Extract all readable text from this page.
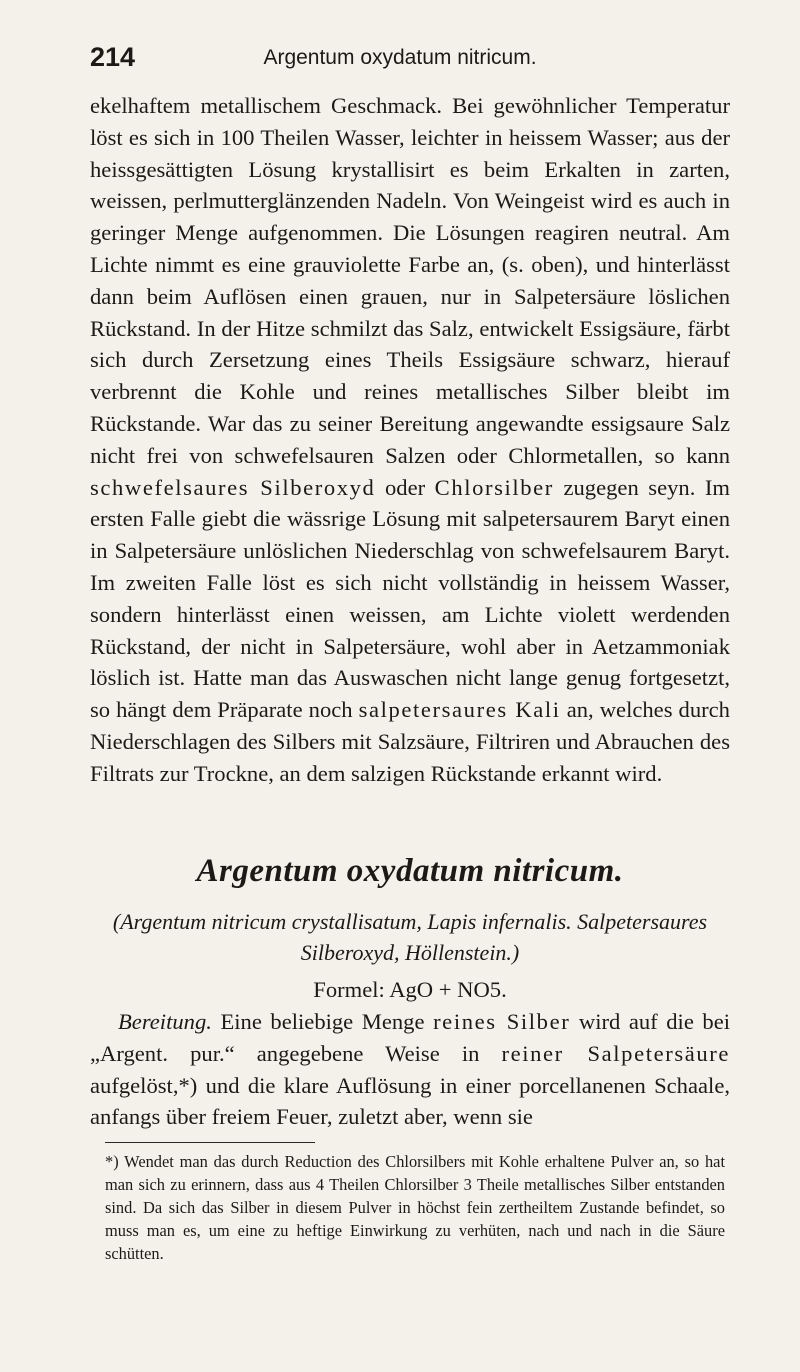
214	Argentum oxydatum nitricum.

ekelhaftem metallischem Geschmack. Bei gewöhnlicher Temperatur löst es sich in 100 Theilen Wasser, leichter in heissem Wasser; aus der heissgesättigten Lösung krystallisirt es beim Erkalten in zarten, weissen, perlmutterglänzenden Nadeln. Von Weingeist wird es auch in geringer Menge aufgenommen. Die Lösungen reagiren neutral. Am Lichte nimmt es eine grauviolette Farbe an, (s. oben), und hinterlässt dann beim Auflösen einen grauen, nur in Salpetersäure löslichen Rückstand. In der Hitze schmilzt das Salz, entwickelt Essigsäure, färbt sich durch Zersetzung eines Theils Essigsäure schwarz, hierauf verbrennt die Kohle und reines metallisches Silber bleibt im Rückstande. War das zu seiner Bereitung angewandte essigsaure Salz nicht frei von schwefelsauren Salzen oder Chlormetallen, so kann schwefelsaures Silberoxyd oder Chlorsilber zugegen seyn. Im ersten Falle giebt die wässrige Lösung mit salpetersaurem Baryt einen in Salpetersäure unlöslichen Niederschlag von schwefelsaurem Baryt. Im zweiten Falle löst es sich nicht vollständig in heissem Wasser, sondern hinterlässt einen weissen, am Lichte violett werdenden Rückstand, der nicht in Salpetersäure, wohl aber in Aetzammoniak löslich ist. Hatte man das Auswaschen nicht lange genug fortgesetzt, so hängt dem Präparate noch salpetersaures Kali an, welches durch Niederschlagen des Silbers mit Salzsäure, Filtriren und Abrauchen des Filtrats zur Trockne, an dem salzigen Rückstande erkannt wird.

Argentum oxydatum nitricum.
(Argentum nitricum crystallisatum, Lapis infernalis. Salpetersaures Silberoxyd, Höllenstein.)
Formel: AgO + NO5.

Bereitung. Eine beliebige Menge reines Silber wird auf die bei „Argent. pur.“ angegebene Weise in reiner Salpetersäure aufgelöst,*) und die klare Auflösung in einer porcellanenen Schaale, anfangs über freiem Feuer, zuletzt aber, wenn sie

*) Wendet man das durch Reduction des Chlorsilbers mit Kohle erhaltene Pulver an, so hat man sich zu erinnern, dass aus 4 Theilen Chlorsilber 3 Theile metallisches Silber entstanden sind. Da sich das Silber in diesem Pulver in höchst fein zertheiltem Zustande befindet, so muss man es, um eine zu heftige Einwirkung zu verhüten, nach und nach in die Säure schütten.
